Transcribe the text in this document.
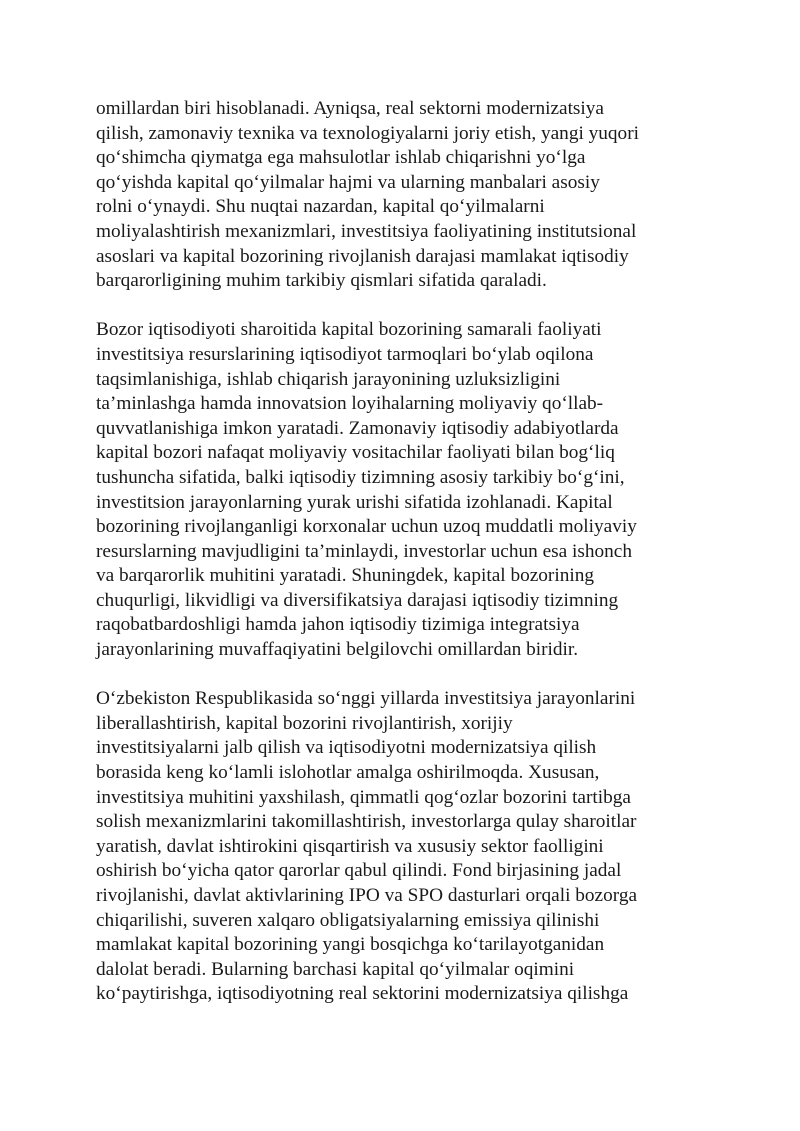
omillardan biri hisoblanadi. Ayniqsa, real sektorni modernizatsiya
qilish, zamonaviy texnika va texnologiyalarni joriy etish, yangi yuqori
qo‘shimcha qiymatga ega mahsulotlar ishlab chiqarishni yo‘lga
qo‘yishda kapital qo‘yilmalar hajmi va ularning manbalari asosiy
rolni o‘ynaydi. Shu nuqtai nazardan, kapital qo‘yilmalarni
moliyalashtirish mexanizmlari, investitsiya faoliyatining institutsional
asoslari va kapital bozorining rivojlanish darajasi mamlakat iqtisodiy
barqarorligining muhim tarkibiy qismlari sifatida qaraladi.

Bozor iqtisodiyoti sharoitida kapital bozorining samarali faoliyati
investitsiya resurslarining iqtisodiyot tarmoqlari bo‘ylab oqilona
taqsimlanishiga, ishlab chiqarish jarayonining uzluksizligini
ta’minlashga hamda innovatsion loyihalarning moliyaviy qo‘llab-
quvvatlanishiga imkon yaratadi. Zamonaviy iqtisodiy adabiyotlarda
kapital bozori nafaqat moliyaviy vositachilar faoliyati bilan bog‘liq
tushuncha sifatida, balki iqtisodiy tizimning asosiy tarkibiy bo‘g‘ini,
investitsion jarayonlarning yurak urishi sifatida izohlanadi. Kapital
bozorining rivojlanganligi korxonalar uchun uzoq muddatli moliyaviy
resurslarning mavjudligini ta’minlaydi, investorlar uchun esa ishonch
va barqarorlik muhitini yaratadi. Shuningdek, kapital bozorining
chuqurligi, likvidligi va diversifikatsiya darajasi iqtisodiy tizimning
raqobatbardoshligi hamda jahon iqtisodiy tizimiga integratsiya
jarayonlarining muvaffaqiyatini belgilovchi omillardan biridir.

O‘zbekiston Respublikasida so‘nggi yillarda investitsiya jarayonlarini
liberallashtirish, kapital bozorini rivojlantirish, xorijiy
investitsiyalarni jalb qilish va iqtisodiyotni modernizatsiya qilish
borasida keng ko‘lamli islohotlar amalga oshirilmoqda. Xususan,
investitsiya muhitini yaxshilash, qimmatli qog‘ozlar bozorini tartibga
solish mexanizmlarini takomillashtirish, investorlarga qulay sharoitlar
yaratish, davlat ishtirokini qisqartirish va xususiy sektor faolligini
oshirish bo‘yicha qator qarorlar qabul qilindi. Fond birjasining jadal
rivojlanishi, davlat aktivlarining IPO va SPO dasturlari orqali bozorga
chiqarilishi, suveren xalqaro obligatsiyalarning emissiya qilinishi
mamlakat kapital bozorining yangi bosqichga ko‘tarilayotganidan
dalolat beradi. Bularning barchasi kapital qo‘yilmalar oqimini
ko‘paytirishga, iqtisodiyotning real sektorini modernizatsiya qilishga
